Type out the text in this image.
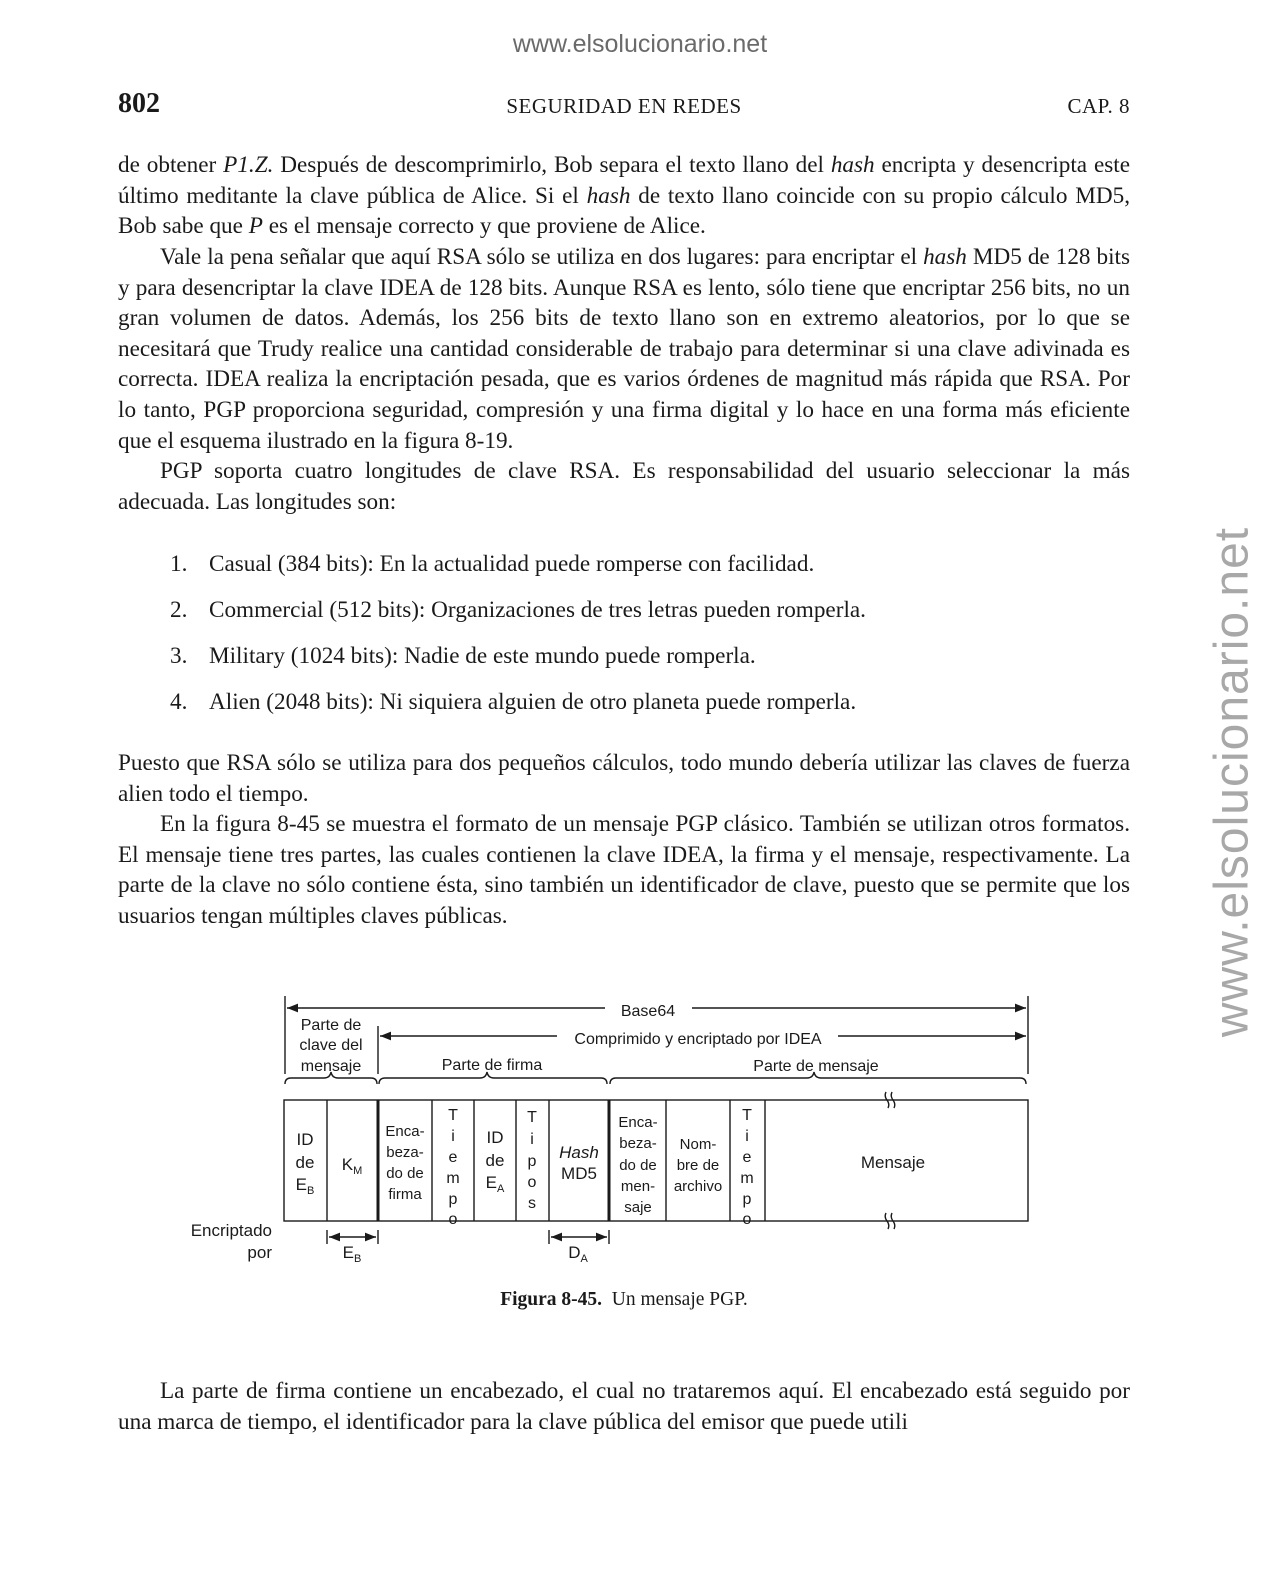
www.elsolucionario.net
www.elsolucionario.net
802	SEGURIDAD EN REDES	CAP. 8

de obtener P1.Z. Después de descomprimirlo, Bob separa el texto llano del hash encripta y desencripta este último meditante la clave pública de Alice. Si el hash de texto llano coincide con su propio cálculo MD5, Bob sabe que P es el mensaje correcto y que proviene de Alice.

Vale la pena señalar que aquí RSA sólo se utiliza en dos lugares: para encriptar el hash MD5 de 128 bits y para desencriptar la clave IDEA de 128 bits. Aunque RSA es lento, sólo tiene que encriptar 256 bits, no un gran volumen de datos. Además, los 256 bits de texto llano son en extremo aleatorios, por lo que se necesitará que Trudy realice una cantidad considerable de trabajo para determinar si una clave adivinada es correcta. IDEA realiza la encriptación pesada, que es varios órdenes de magnitud más rápida que RSA. Por lo tanto, PGP proporciona seguridad, compresión y una firma digital y lo hace en una forma más eficiente que el esquema ilustrado en la figura 8-19.

PGP soporta cuatro longitudes de clave RSA. Es responsabilidad del usuario seleccionar la más adecuada. Las longitudes son:

1. Casual (384 bits): En la actualidad puede romperse con facilidad.
2. Commercial (512 bits): Organizaciones de tres letras pueden romperla.
3. Military (1024 bits): Nadie de este mundo puede romperla.
4. Alien (2048 bits): Ni siquiera alguien de otro planeta puede romperla.

Puesto que RSA sólo se utiliza para dos pequeños cálculos, todo mundo debería utilizar las claves de fuerza alien todo el tiempo.

En la figura 8-45 se muestra el formato de un mensaje PGP clásico. También se utilizan otros formatos. El mensaje tiene tres partes, las cuales contienen la clave IDEA, la firma y el mensaje, respectivamente. La parte de la clave no sólo contiene ésta, sino también un identificador de clave, puesto que se permite que los usuarios tengan múltiples claves públicas.

Base64
Comprimido y encriptado por IDEA
Parte de
clave del
mensaje	Parte de firma	Parte de mensaje
ID
de
$E_B$
$K_M$
Enca-
beza-
do de
firma
T
i
e
m
p
o
ID
de
$E_A$
T
i
p
o
s
Hash
MD5
Enca-
beza-
do de
men-
saje
Nom-
bre de
archivo
T
i
e
m
p
o
Mensaje
Encriptado
por	$E_B$	$D_A$
Figura 8-45. Un mensaje PGP.

La parte de firma contiene un encabezado, el cual no trataremos aquí. El encabezado está seguido por una marca de tiempo, el identificador para la clave pública del emisor que puede utili
